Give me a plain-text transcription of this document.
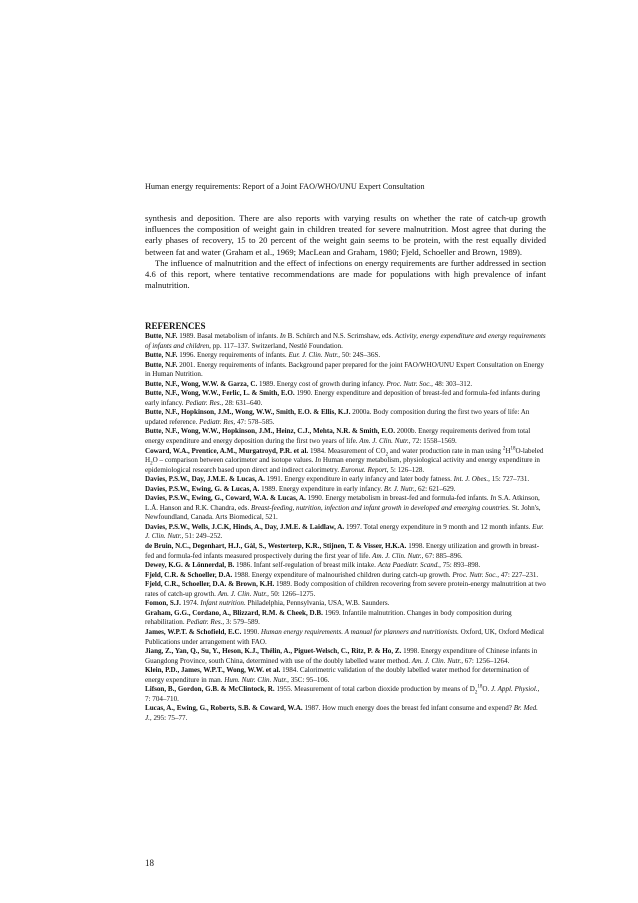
Human energy requirements: Report of a Joint FAO/WHO/UNU Expert Consultation

synthesis and deposition. There are also reports with varying results on whether the rate of catch-up growth influences the composition of weight gain in children treated for severe malnutrition. Most agree that during the early phases of recovery, 15 to 20 percent of the weight gain seems to be protein, with the rest equally divided between fat and water (Graham et al., 1969; MacLean and Graham, 1980; Fjeld, Schoeller and Brown, 1989).

The influence of malnutrition and the effect of infections on energy requirements are further addressed in section 4.6 of this report, where tentative recommendations are made for populations with high prevalence of infant malnutrition.

REFERENCES

Butte, N.F. 1989. Basal metabolism of infants. In B. Schürch and N.S. Scrimshaw, eds. Activity, energy expenditure and energy requirements of infants and children, pp. 117–137. Switzerland, Nestlé Foundation.

Butte, N.F. 1996. Energy requirements of infants. Eur. J. Clin. Nutr., 50: 24S–36S.

Butte, N.F. 2001. Energy requirements of infants. Background paper prepared for the joint FAO/WHO/UNU Expert Consultation on Energy in Human Nutrition.

Butte, N.F., Wong, W.W. & Garza, C. 1989. Energy cost of growth during infancy. Proc. Nutr. Soc., 48: 303–312.

Butte, N.F., Wong, W.W., Ferlic, L. & Smith, E.O. 1990. Energy expenditure and deposition of breast-fed and formula-fed infants during early infancy. Pediatr. Res., 28: 631–640.

Butte, N.F., Hopkinson, J.M., Wong, W.W., Smith, E.O. & Ellis, K.J. 2000a. Body composition during the first two years of life: An updated reference. Pediatr. Res, 47: 578–585.

Butte, N.F., Wong, W.W., Hopkinson, J.M., Heinz, C.J., Mehta, N.R. & Smith, E.O. 2000b. Energy requirements derived from total energy expenditure and energy deposition during the first two years of life. Am. J. Clin. Nutr., 72: 1558–1569.

Coward, W.A., Prentice, A.M., Murgatroyd, P.R. et al. 1984. Measurement of $CO_2$ and water production rate in man using $^2H^{18}O$-labeled $H_2O$ – comparison between calorimeter and isotope values. In Human energy metabolism, physiological activity and energy expenditure in epidemiological research based upon direct and indirect calorimetry. Euronut. Report, 5: 126–128.

Davies, P.S.W., Day, J.M.E. & Lucas, A. 1991. Energy expenditure in early infancy and later body fatness. Int. J. Obes., 15: 727–731.

Davies, P.S.W., Ewing, G. & Lucas, A. 1989. Energy expenditure in early infancy. Br. J. Nutr., 62: 621–629.

Davies, P.S.W., Ewing, G., Coward, W.A. & Lucas, A. 1990. Energy metabolism in breast-fed and formula-fed infants. In S.A. Atkinson, L.Å. Hanson and R.K. Chandra, eds. Breast-feeding, nutrition, infection and infant growth in developed and emerging countries. St. John's, Newfoundland, Canada. Arts Biomedical, 521.

Davies, P.S.W., Wells, J.C.K, Hinds, A., Day, J.M.E. & Laidlaw, A. 1997. Total energy expenditure in 9 month and 12 month infants. Eur. J. Clin. Nutr., 51: 249–252.

de Bruin, N.C., Degenhart, H.J., Gàl, S., Westerterp, K.R., Stijnen, T. & Visser, H.K.A. 1998. Energy utilization and growth in breast-fed and formula-fed infants measured prospectively during the first year of life. Am. J. Clin. Nutr., 67: 885–896.

Dewey, K.G. & Lönnerdal, B. 1986. Infant self-regulation of breast milk intake. Acta Paediatr. Scand., 75: 893–898.

Fjeld, C.R. & Schoeller, D.A. 1988. Energy expenditure of malnourished children during catch-up growth. Proc. Nutr. Soc., 47: 227–231.

Fjeld, C.R., Schoeller, D.A. & Brown, K.H. 1989. Body composition of children recovering from severe protein-energy malnutrition at two rates of catch-up growth. Am. J. Clin. Nutr., 50: 1266–1275.

Fomon, S.J. 1974. Infant nutrition. Philadelphia, Pennsylvania, USA, W.B. Saunders.

Graham, G.G., Cordano, A., Blizzard, R.M. & Cheek, D.B. 1969. Infantile malnutrition. Changes in body composition during rehabilitation. Pediatr. Res., 3: 579–589.

James, W.P.T. & Schofield, E.C. 1990. Human energy requirements. A manual for planners and nutritionists. Oxford, UK, Oxford Medical Publications under arrangement with FAO.

Jiang, Z., Yan, Q., Su, Y., Heson, K.J., Thélin, A., Piguet-Welsch, C., Ritz, P. & Ho, Z. 1998. Energy expenditure of Chinese infants in Guangdong Province, south China, determined with use of the doubly labelled water method. Am. J. Clin. Nutr., 67: 1256–1264.

Klein, P.D., James, W.P.T., Wong, W.W. et al. 1984. Calorimetric validation of the doubly labelled water method for determination of energy expenditure in man. Hum. Nutr. Clin. Nutr., 35C: 95–106.

Lifson, B., Gordon, G.B. & McClintock, R. 1955. Measurement of total carbon dioxide production by means of $D_2^{18}O$. J. Appl. Physiol., 7: 704–710.

Lucas, A., Ewing, G., Roberts, S.B. & Coward, W.A. 1987. How much energy does the breast fed infant consume and expend? Br. Med. J., 295: 75–77.

18
